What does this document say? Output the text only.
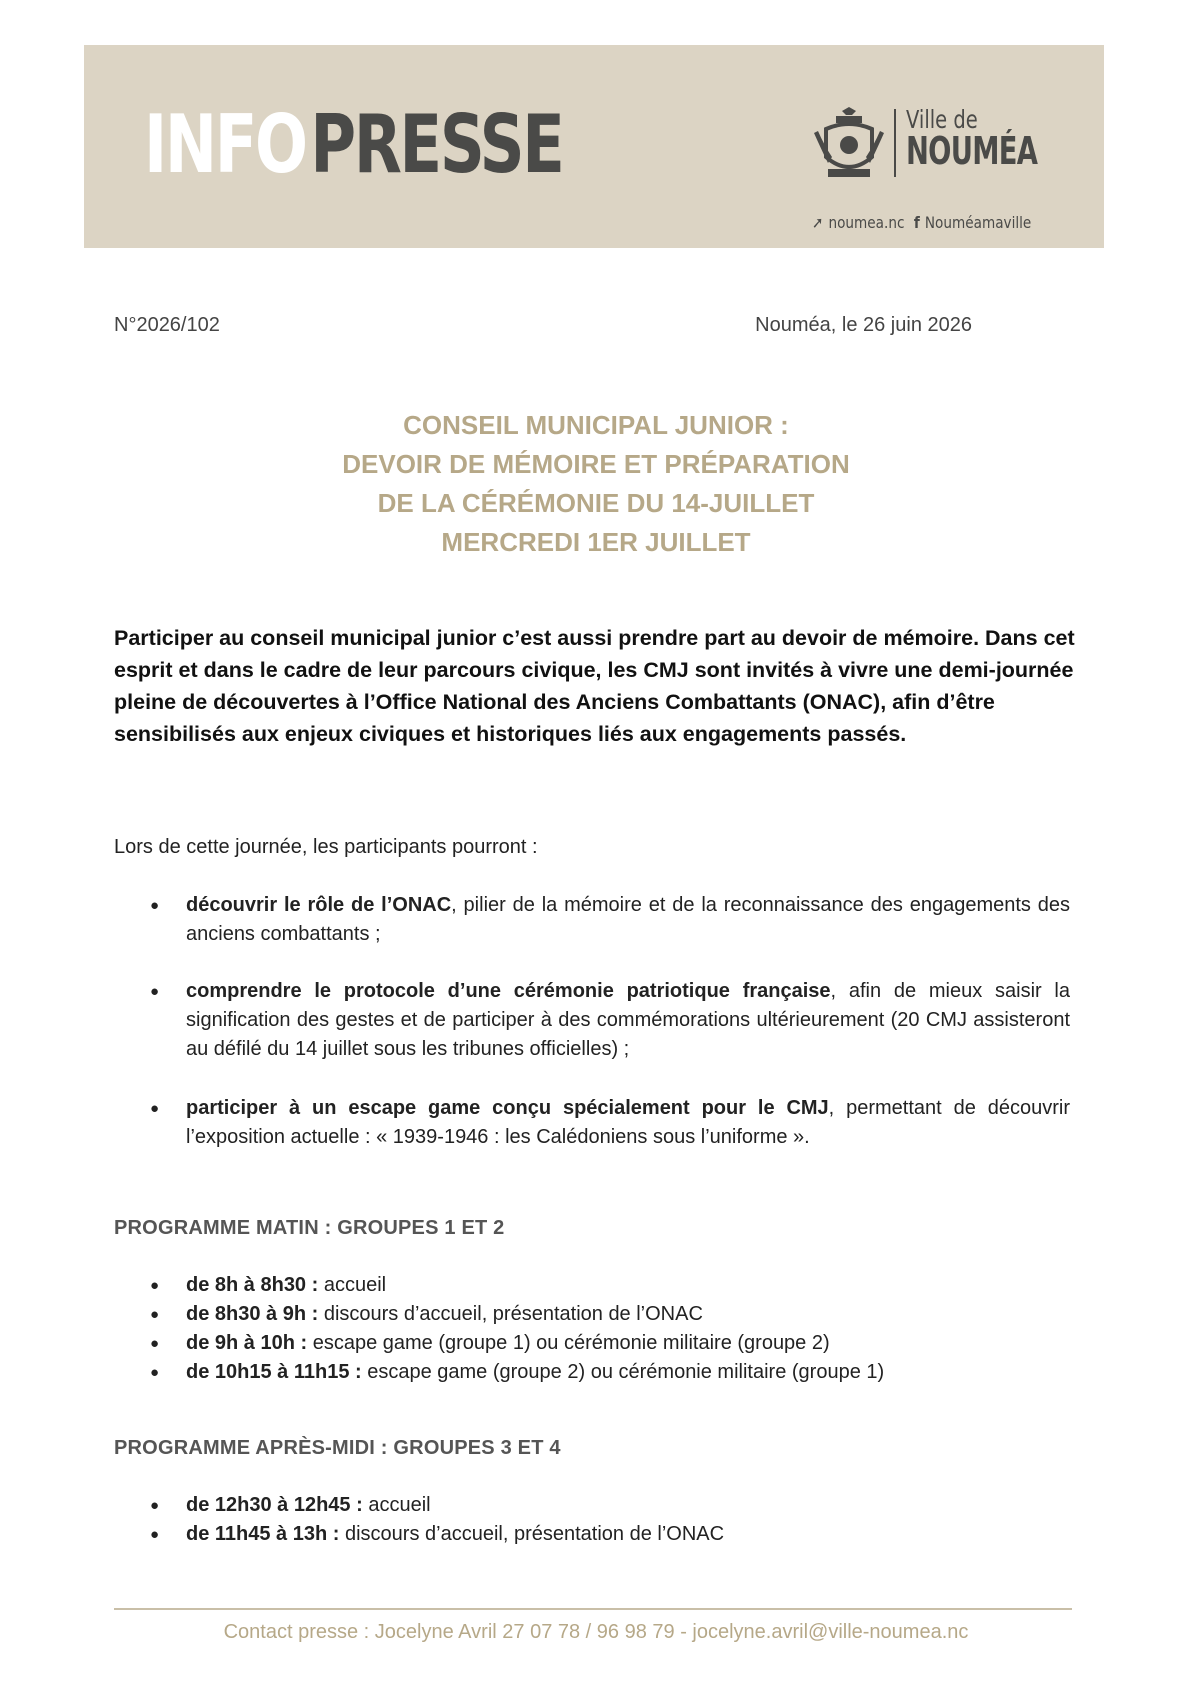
INFOPRESSE	Ville de
NOUMÉA
➚ noumea.nc f Nouméamaville
N°2026/102	Nouméa, le 26 juin 2026
CONSEIL MUNICIPAL JUNIOR :
DEVOIR DE MÉMOIRE ET PRÉPARATION
DE LA CÉRÉMONIE DU 14-JUILLET
MERCREDI 1ER JUILLET
Participer au conseil municipal junior c’est aussi prendre part au devoir de mémoire. Dans cet esprit et dans le cadre de leur parcours civique, les CMJ sont invités à vivre une demi-journée pleine de découvertes à l’Office National des Anciens Combattants (ONAC), afin d’être sensibilisés aux enjeux civiques et historiques liés aux engagements passés.
Lors de cette journée, les participants pourront :
● découvrir le rôle de l’ONAC, pilier de la mémoire et de la reconnaissance des engagements des anciens combattants ;
● comprendre le protocole d’une cérémonie patriotique française, afin de mieux saisir la signification des gestes et de participer à des commémorations ultérieurement (20 CMJ assisteront au défilé du 14 juillet sous les tribunes officielles) ;
● participer à un escape game conçu spécialement pour le CMJ, permettant de découvrir l’exposition actuelle : « 1939-1946 : les Calédoniens sous l’uniforme ».
PROGRAMME MATIN : GROUPES 1 ET 2
● de 8h à 8h30 : accueil
● de 8h30 à 9h : discours d’accueil, présentation de l’ONAC
● de 9h à 10h : escape game (groupe 1) ou cérémonie militaire (groupe 2)
● de 10h15 à 11h15 : escape game (groupe 2) ou cérémonie militaire (groupe 1)
PROGRAMME APRÈS-MIDI : GROUPES 3 ET 4
● de 12h30 à 12h45 : accueil
● de 11h45 à 13h : discours d’accueil, présentation de l’ONAC
Contact presse : Jocelyne Avril 27 07 78 / 96 98 79 - jocelyne.avril@ville-noumea.nc
